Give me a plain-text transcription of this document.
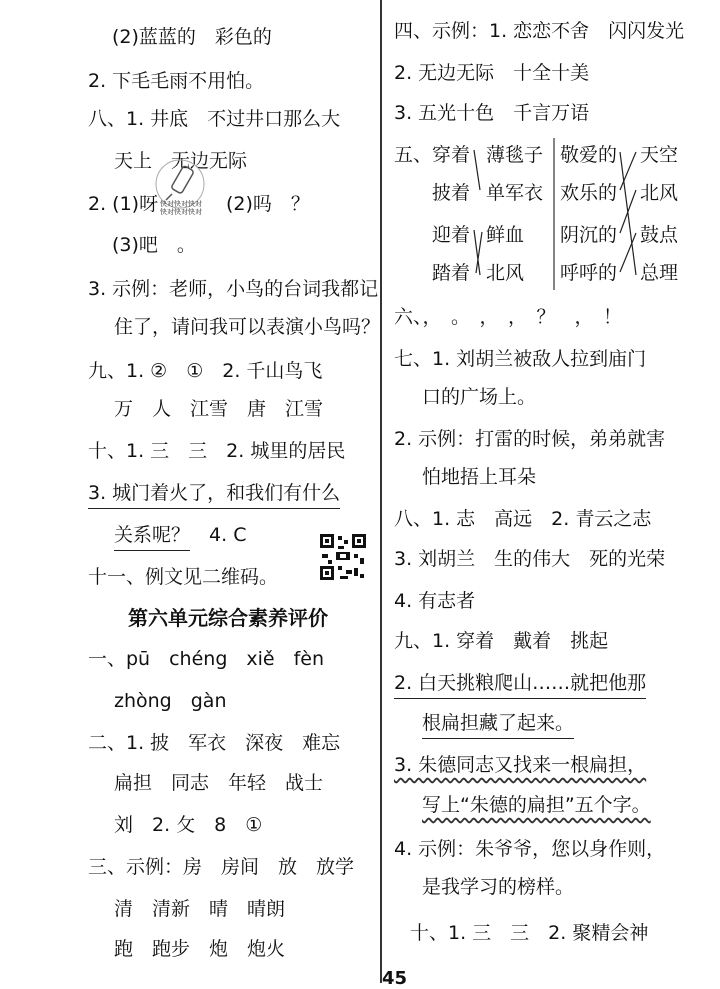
(2)蓝蓝的　彩色的
2. 下毛毛雨不用怕。
八、1. 井底　不过井口那么大
天上　无边无际
快对快对快对
快对快对快对
2. (1)呀	(2)吗　？
(3)吧　。
3. 示例：老师，小鸟的台词我都记
住了，请问我可以表演小鸟吗？
九、1. ②　①　2. 千山鸟飞
万　人　江雪　唐　江雪
十、1. 三　三　2. 城里的居民
3. 城门着火了，和我们有什么
关系呢？　 4. C
十一、例文见二维码。
第六单元综合素养评价
一、pū　chéng　xiě　fèn
zhòng　gàn
二、1. 披　军衣　深夜　难忘
扁担　同志　年轻　战士
刘　2. 攵　8　①
三、示例：房　房间　放　放学
清　清新　晴　晴朗
跑　跑步　炮　炮火
四、示例：1. 恋恋不舍　闪闪发光
2. 无边无际　十全十美
3. 五光十色　千言万语
五、 穿着
披着
迎着
踏着
薄毯子
单军衣
鲜血
北风
敬爱的
欢乐的
阴沉的
呼呼的
天空
北风
鼓点
总理
六、，　。　，　，　？　，　！
七、1. 刘胡兰被敌人拉到庙门
口的广场上。
2. 示例：打雷的时候，弟弟就害
怕地捂上耳朵
八、1. 志　高远　2. 青云之志
3. 刘胡兰　生的伟大　死的光荣
4. 有志者
九、1. 穿着　戴着　挑起
2. 白天挑粮爬山……就把他那
根扁担藏了起来。
3. 朱德同志又找来一根扁担，
写上“朱德的扁担”五个字。
4. 示例：朱爷爷，您以身作则，
是我学习的榜样。
十、1. 三　三　2. 聚精会神
45
